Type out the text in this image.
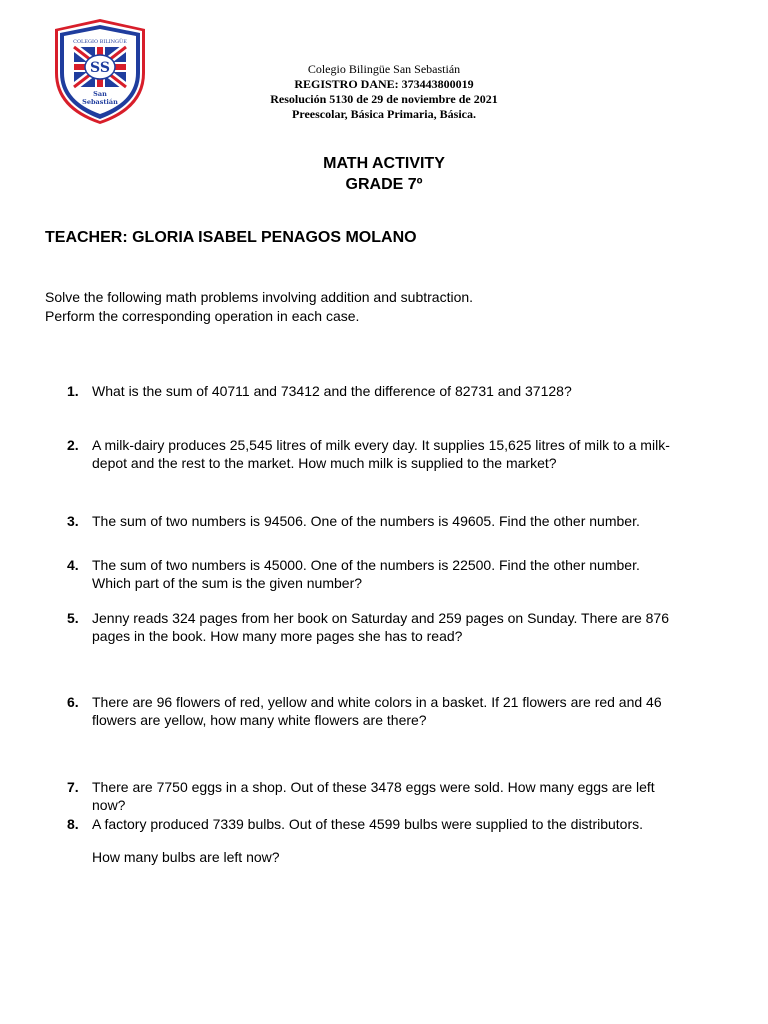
COLEGIO BILINGÜE
SS
San
Sebastián
Colegio Bilingüe San Sebastián
REGISTRO DANE: 373443800019
Resolución 5130 de 29 de noviembre de 2021
Preescolar, Básica Primaria, Básica.
MATH ACTIVITY
GRADE 7º
TEACHER: GLORIA ISABEL PENAGOS MOLANO
Solve the following math problems involving addition and subtraction.
Perform the corresponding operation in each case.
1. What is the sum of 40711 and 73412 and the difference of 82731 and 37128?
2. A milk-dairy produces 25,545 litres of milk every day. It supplies 15,625 litres of milk to a milk-
depot and the rest to the market. How much milk is supplied to the market?
3. The sum of two numbers is 94506. One of the numbers is 49605. Find the other number.
4. The sum of two numbers is 45000. One of the numbers is 22500. Find the other number.
Which part of the sum is the given number?
5. Jenny reads 324 pages from her book on Saturday and 259 pages on Sunday. There are 876
pages in the book. How many more pages she has to read?
6. There are 96 flowers of red, yellow and white colors in a basket. If 21 flowers are red and 46
flowers are yellow, how many white flowers are there?
7. There are 7750 eggs in a shop. Out of these 3478 eggs were sold. How many eggs are left
now?
8. A factory produced 7339 bulbs. Out of these 4599 bulbs were supplied to the distributors.
How many bulbs are left now?
